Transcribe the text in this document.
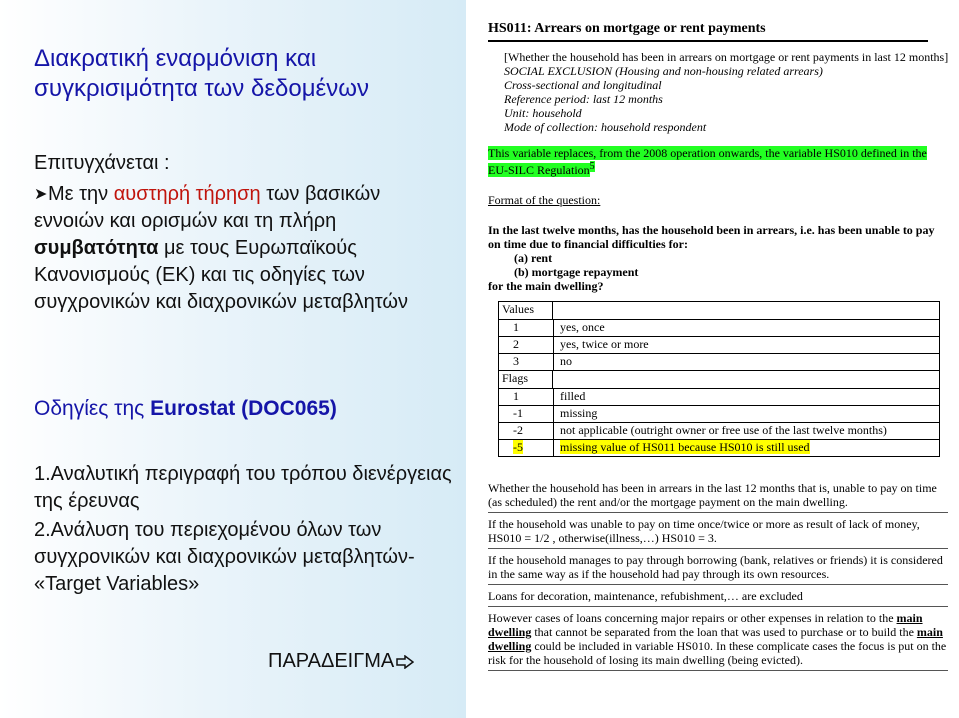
Διακρατική εναρμόνιση και συγκρισιμότητα των δεδομένων
Επιτυγχάνεται :
➤Με την αυστηρή τήρηση των βασικών εννοιών και ορισμών και τη πλήρη συμβατότητα με τους Ευρωπαϊκούς Κανονισμούς (ΕΚ) και τις οδηγίες των συγχρονικών και διαχρονικών μεταβλητών
Οδηγίες της Eurostat (DOC065)

1.Αναλυτική περιγραφή του τρόπου διενέργειας της έρευνας

2.Ανάλυση του περιεχομένου όλων των συγχρονικών και διαχρονικών μεταβλητών- «Target Variables»

ΠΑΡΑΔΕΙΓΜΑ
HS011: Arrears on mortgage or rent payments
[Whether the household has been in arrears on mortgage or rent payments in last 12 months]
SOCIAL EXCLUSION (Housing and non-housing related arrears)
Cross-sectional and longitudinal
Reference period: last 12 months
Unit: household
Mode of collection: household respondent
This variable replaces, from the 2008 operation onwards, the variable HS010 defined in the EU-SILC Regulation$^5$
Format of the question:
In the last twelve months, has the household been in arrears, i.e. has been unable to pay on time due to financial difficulties for:
(a) rent
(b) mortgage repayment
for the main dwelling?
Values
1	yes, once
2	yes, twice or more
3	no
Flags
1	filled
-1	missing
-2	not applicable (outright owner or free use of the last twelve months)
-5	missing value of HS011 because HS010 is still used

Whether the household has been in arrears in the last 12 months that is, unable to pay on time (as scheduled) the rent and/or the mortgage payment on the main dwelling.

If the household was unable to pay on time once/twice or more as result of lack of money, HS010 = 1/2 , otherwise(illness,…) HS010 = 3.

If the household manages to pay through borrowing (bank, relatives or friends) it is considered in the same way as if the household had pay through its own resources.

Loans for decoration, maintenance, refubishment,… are excluded

However cases of loans concerning major repairs or other expenses in relation to the main dwelling that cannot be separated from the loan that was used to purchase or to build the main dwelling could be included in variable HS010. In these complicate cases the focus is put on the risk for the household of losing its main dwelling (being evicted).
